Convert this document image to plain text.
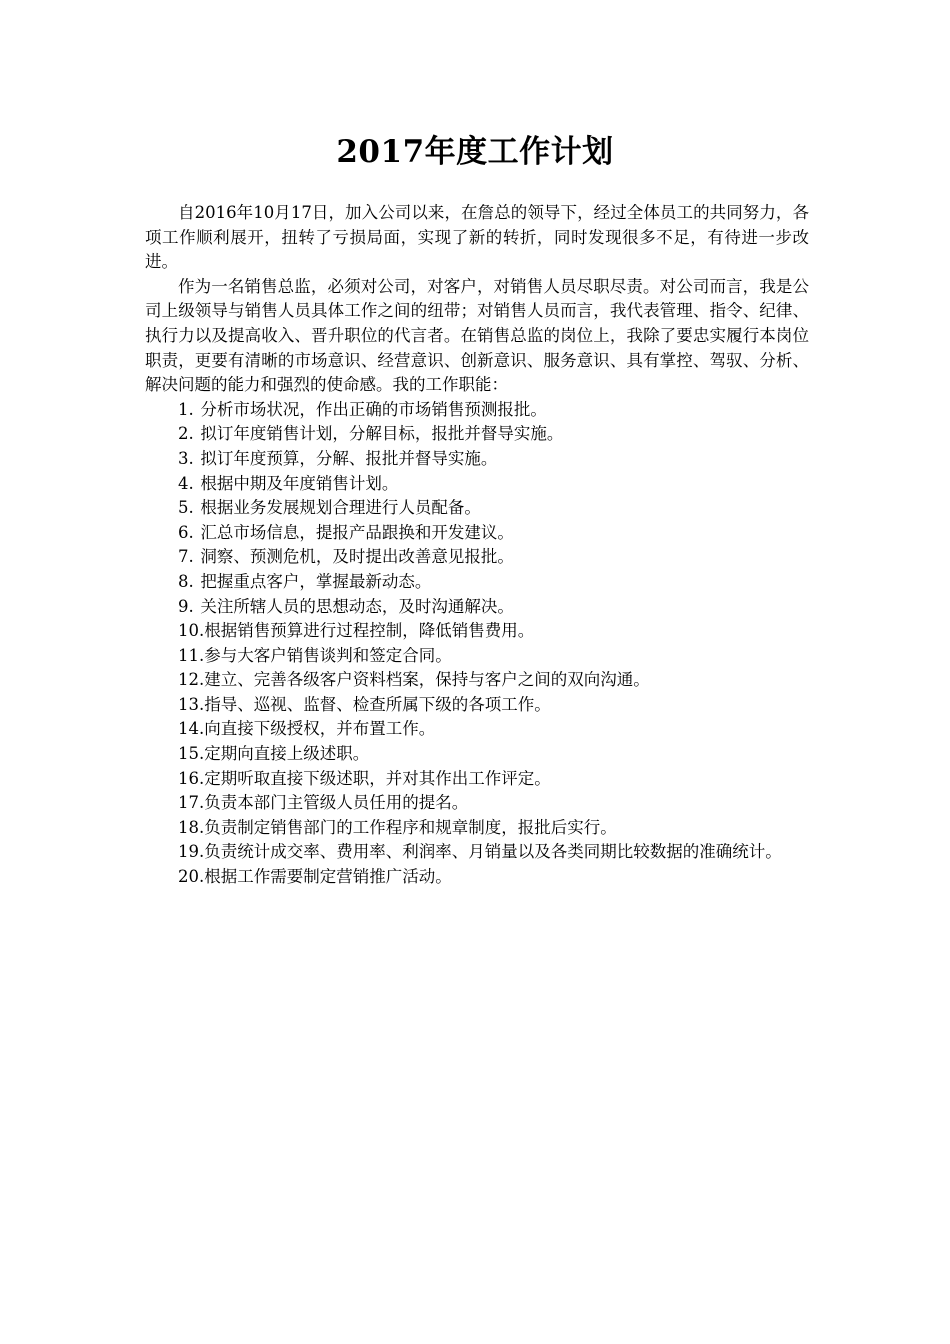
2017年度工作计划

自2016年10月17日，加入公司以来，在詹总的领导下，经过全体员工的共同努力，各项工作顺利展开，扭转了亏损局面，实现了新的转折，同时发现很多不足，有待进一步改进。

作为一名销售总监，必须对公司，对客户，对销售人员尽职尽责。对公司而言，我是公司上级领导与销售人员具体工作之间的纽带；对销售人员而言，我代表管理、指令、纪律、执行力以及提高收入、晋升职位的代言者。在销售总监的岗位上，我除了要忠实履行本岗位职责，更要有清晰的市场意识、经营意识、创新意识、服务意识、具有掌控、驾驭、分析、解决问题的能力和强烈的使命感。我的工作职能：

1. 分析市场状况，作出正确的市场销售预测报批。
2. 拟订年度销售计划，分解目标，报批并督导实施。
3. 拟订年度预算，分解、报批并督导实施。
4. 根据中期及年度销售计划。
5. 根据业务发展规划合理进行人员配备。
6. 汇总市场信息，提报产品跟换和开发建议。
7. 洞察、预测危机，及时提出改善意见报批。
8. 把握重点客户，掌握最新动态。
9. 关注所辖人员的思想动态，及时沟通解决。
10.根据销售预算进行过程控制，降低销售费用。
11.参与大客户销售谈判和签定合同。
12.建立、完善各级客户资料档案，保持与客户之间的双向沟通。
13.指导、巡视、监督、检查所属下级的各项工作。
14.向直接下级授权，并布置工作。
15.定期向直接上级述职。
16.定期听取直接下级述职，并对其作出工作评定。
17.负责本部门主管级人员任用的提名。
18.负责制定销售部门的工作程序和规章制度，报批后实行。
19.负责统计成交率、费用率、利润率、月销量以及各类同期比较数据的准确统计。
20.根据工作需要制定营销推广活动。
